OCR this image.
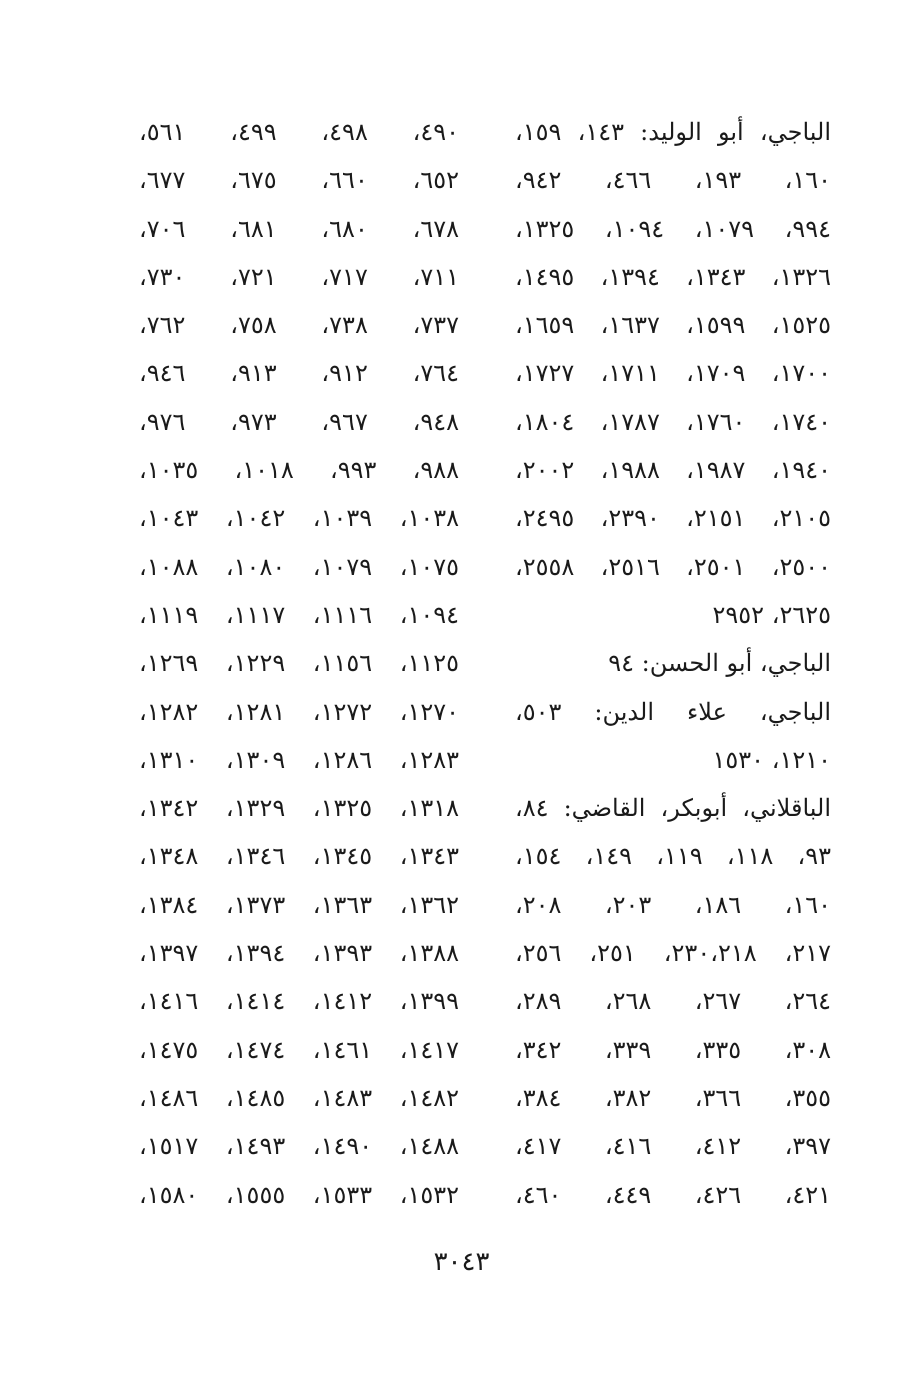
الباجي، أبو الوليد: ١٤٣، ١٥٩،
١٦٠، ١٩٣، ٤٦٦، ٩٤٢،
٩٩٤، ١٠٧٩، ١٠٩٤، ١٣٢٥،
١٣٢٦، ١٣٤٣، ١٣٩٤، ١٤٩٥،
١٥٢٥، ١٥٩٩، ١٦٣٧، ١٦٥٩،
١٧٠٠، ١٧٠٩، ١٧١١، ١٧٢٧،
١٧٤٠، ١٧٦٠، ١٧٨٧، ١٨٠٤،
١٩٤٠، ١٩٨٧، ١٩٨٨، ٢٠٠٢،
٢١٠٥، ٢١٥١، ٢٣٩٠، ٢٤٩٥،
٢٥٠٠، ٢٥٠١، ٢٥١٦، ٢٥٥٨،
٢٦٢٥، ٢٩٥٢
الباجي، أبو الحسن: ٩٤
الباجي، علاء الدين: ٥٠٣،
١٢١٠، ١٥٣٠
الباقلاني، أبوبكر، القاضي: ٨٤،
٩٣، ١١٨، ١١٩، ١٤٩، ١٥٤،
١٦٠، ١٨٦، ٢٠٣، ٢٠٨،
٢١٧، ٢٣٠،٢١٨، ٢٥١، ٢٥٦،
٢٦٤، ٢٦٧، ٢٦٨، ٢٨٩،
٣٠٨، ٣٣٥، ٣٣٩، ٣٤٢،
٣٥٥، ٣٦٦، ٣٨٢، ٣٨٤،
٣٩٧، ٤١٢، ٤١٦، ٤١٧،
٤٢١، ٤٢٦، ٤٤٩، ٤٦٠،
٤٩٠، ٤٩٨، ٤٩٩، ٥٦١،
٦٥٢، ٦٦٠، ٦٧٥، ٦٧٧،
٦٧٨، ٦٨٠، ٦٨١، ٧٠٦،
٧١١، ٧١٧، ٧٢١، ٧٣٠،
٧٣٧، ٧٣٨، ٧٥٨، ٧٦٢،
٧٦٤، ٩١٢، ٩١٣، ٩٤٦،
٩٤٨، ٩٦٧، ٩٧٣، ٩٧٦،
٩٨٨، ٩٩٣، ١٠١٨، ١٠٣٥،
١٠٣٨، ١٠٣٩، ١٠٤٢، ١٠٤٣،
١٠٧٥، ١٠٧٩، ١٠٨٠، ١٠٨٨،
١٠٩٤، ١١١٦، ١١١٧، ١١١٩،
١١٢٥، ١١٥٦، ١٢٢٩، ١٢٦٩،
١٢٧٠، ١٢٧٢، ١٢٨١، ١٢٨٢،
١٢٨٣، ١٢٨٦، ١٣٠٩، ١٣١٠،
١٣١٨، ١٣٢٥، ١٣٢٩، ١٣٤٢،
١٣٤٣، ١٣٤٥، ١٣٤٦، ١٣٤٨،
١٣٦٢، ١٣٦٣، ١٣٧٣، ١٣٨٤،
١٣٨٨، ١٣٩٣، ١٣٩٤، ١٣٩٧،
١٣٩٩، ١٤١٢، ١٤١٤، ١٤١٦،
١٤١٧، ١٤٦١، ١٤٧٤، ١٤٧٥،
١٤٨٢، ١٤٨٣، ١٤٨٥، ١٤٨٦،
١٤٨٨، ١٤٩٠، ١٤٩٣، ١٥١٧،
١٥٣٢، ١٥٣٣، ١٥٥٥، ١٥٨٠،
٣٠٤٣
